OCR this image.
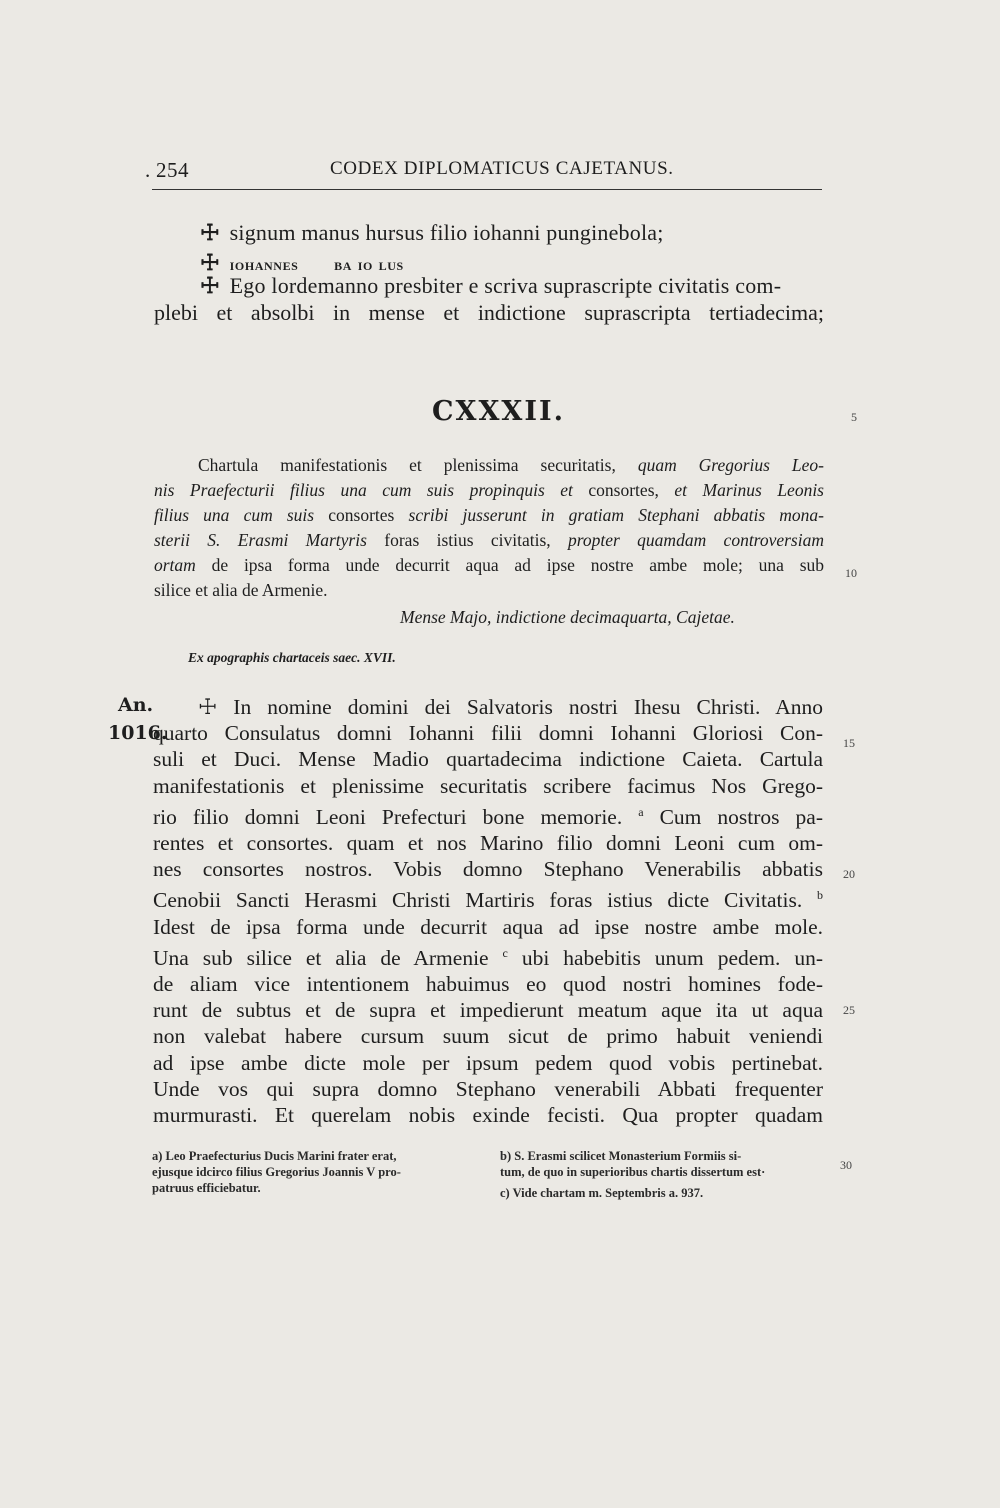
. 254	CODEX DIPLOMATICUS CAJETANUS.
☩ signum manus hursus filio iohanni punginebola;
☩ IOHANNES	BA IO LUS
☩ Ego lordemanno presbiter e scriva suprascripte civitatis com-
plebi et absolbi in mense et indictione suprascripta tertiadecima;
CXXXII.
Chartula manifestationis et plenissima securitatis, quam Gregorius Leo-
nis Praefecturii filius una cum suis propinquis et consortes, et Marinus Leonis
filius una cum suis consortes scribi jusserunt in gratiam Stephani abbatis mona-
sterii S. Erasmi Martyris foras istius civitatis, propter quamdam controversiam
ortam de ipsa forma unde decurrit aqua ad ipse nostre ambe mole; una sub
silice et alia de Armenie.
Mense Majo, indictione decimaquarta, Cajetae.
Ex apographis chartaceis saec. XVII.
An.
1016.
5
10
15
20
25
30
☩ In nomine domini dei Salvatoris nostri Ihesu Christi. Anno
quarto Consulatus domni Iohanni filii domni Iohanni Gloriosi Con-
suli et Duci. Mense Madio quartadecima indictione Caieta. Cartula
manifestationis et plenissime securitatis scribere facimus Nos Grego-
rio filio domni Leoni Prefecturi bone memorie. $^a$ Cum nostros pa-
rentes et consortes. quam et nos Marino filio domni Leoni cum om-
nes consortes nostros. Vobis domno Stephano Venerabilis abbatis
Cenobii Sancti Herasmi Christi Martiris foras istius dicte Civitatis. $^b$
Idest de ipsa forma unde decurrit aqua ad ipse nostre ambe mole.
Una sub silice et alia de Armenie $^c$ ubi habebitis unum pedem. un-
de aliam vice intentionem habuimus eo quod nostri homines fode-
runt de subtus et de supra et impedierunt meatum aque ita ut aqua
non valebat habere cursum suum sicut de primo habuit veniendi
ad ipse ambe dicte mole per ipsum pedem quod vobis pertinebat.
Unde vos qui supra domno Stephano venerabili Abbati frequenter
murmurasti. Et querelam nobis exinde fecisti. Qua propter quadam
a) Leo Praefecturius Ducis Marini frater erat,
ejusque idcirco filius Gregorius Joannis V pro-
patruus efficiebatur.
b) S. Erasmi scilicet Monasterium Formiis si-
tum, de quo in superioribus chartis dissertum est·
c) Vide chartam m. Septembris a. 937.
